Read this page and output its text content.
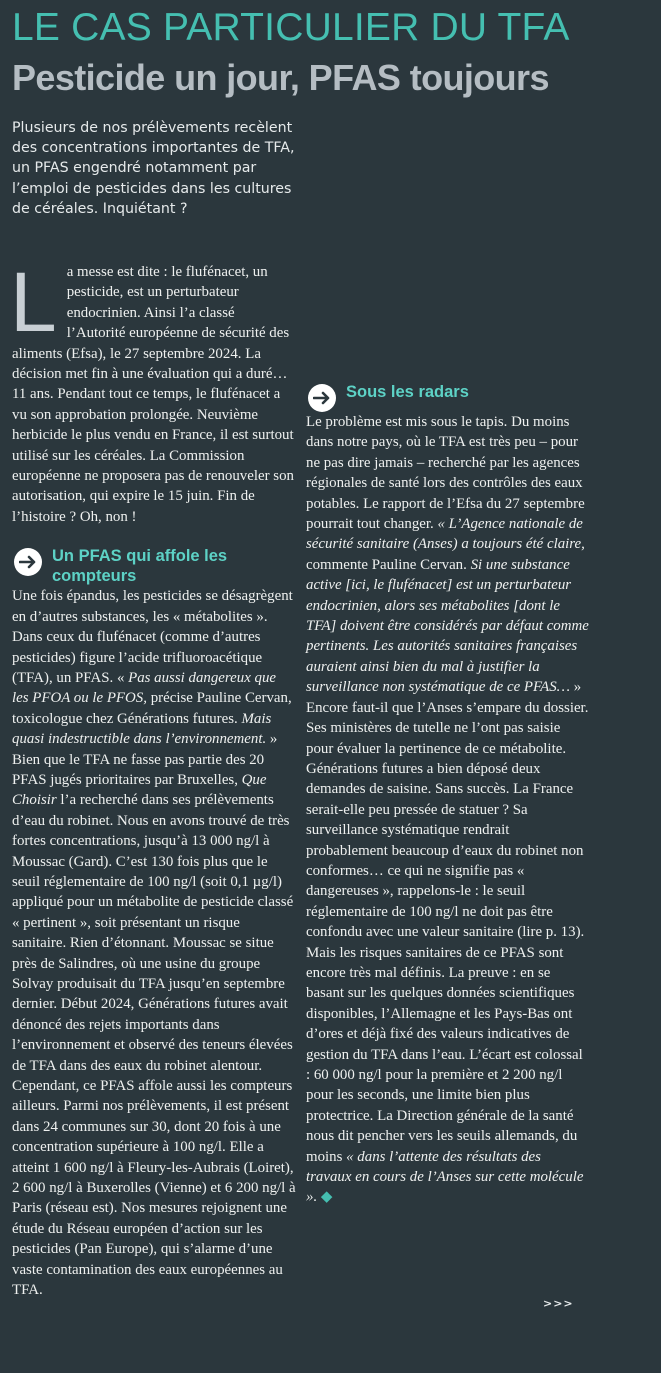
LE CAS PARTICULIER DU TFA
Pesticide un jour, PFAS toujours

Plusieurs de nos prélèvements recèlent des concentrations importantes de TFA, un PFAS engendré notamment par l’emploi de pesticides dans les cultures de céréales. Inquiétant ?

La messe est dite : le flufénacet, un pesticide, est un perturbateur endocrinien. Ainsi l’a classé l’Autorité européenne de sécurité des aliments (Efsa), le 27 septembre 2024. La décision met fin à une évaluation qui a duré… 11 ans. Pendant tout ce temps, le flufénacet a vu son approbation prolongée. Neuvième herbicide le plus vendu en France, il est surtout utilisé sur les céréales. La Commission européenne ne proposera pas de renouveler son autorisation, qui expire le 15 juin. Fin de l’histoire ? Oh, non !

Un PFAS qui affole les compteurs

Une fois épandus, les pesticides se désagrègent en d’autres substances, les « métabolites ». Dans ceux du flufénacet (comme d’autres pesticides) figure l’acide trifluoroacétique (TFA), un PFAS. « Pas aussi dangereux que les PFOA ou le PFOS, précise Pauline Cervan, toxicologue chez Générations futures. Mais quasi indestructible dans l’environnement. » Bien que le TFA ne fasse pas partie des 20 PFAS jugés prioritaires par Bruxelles, Que Choisir l’a recherché dans ses prélèvements d’eau du robinet. Nous en avons trouvé de très fortes concentrations, jusqu’à 13 000 ng/l à Moussac (Gard). C’est 130 fois plus que le seuil réglementaire de 100 ng/l (soit 0,1 µg/l) appliqué pour un métabolite de pesticide classé « pertinent », soit présentant un risque sanitaire. Rien d’étonnant. Moussac se situe près de Salindres, où une usine du groupe Solvay produisait du TFA jusqu’en septembre dernier. Début 2024, Générations futures avait dénoncé des rejets importants dans l’environnement et observé des teneurs élevées de TFA dans des eaux du robinet alentour. Cependant, ce PFAS affole aussi les compteurs ailleurs. Parmi nos prélèvements, il est présent dans 24 communes sur 30, dont 20 fois à une concentration supérieure à 100 ng/l. Elle a atteint 1 600 ng/l à Fleury-les-Aubrais (Loiret), 2 600 ng/l à Buxerolles (Vienne) et 6 200 ng/l à Paris (réseau est). Nos mesures rejoignent une étude du Réseau européen d’action sur les pesticides (Pan Europe), qui s’alarme d’une vaste contamination des eaux européennes au TFA.

Sous les radars

Le problème est mis sous le tapis. Du moins dans notre pays, où le TFA est très peu – pour ne pas dire jamais – recherché par les agences régionales de santé lors des contrôles des eaux potables. Le rapport de l’Efsa du 27 septembre pourrait tout changer. « L’Agence nationale de sécurité sanitaire (Anses) a toujours été claire, commente Pauline Cervan. Si une substance active [ici, le flufénacet] est un perturbateur endocrinien, alors ses métabolites [dont le TFA] doivent être considérés par défaut comme pertinents. Les autorités sanitaires françaises auraient ainsi bien du mal à justifier la surveillance non systématique de ce PFAS… » Encore faut-il que l’Anses s’empare du dossier. Ses ministères de tutelle ne l’ont pas saisie pour évaluer la pertinence de ce métabolite. Générations futures a bien déposé deux demandes de saisine. Sans succès. La France serait-elle peu pressée de statuer ? Sa surveillance systématique rendrait probablement beaucoup d’eaux du robinet non conformes… ce qui ne signifie pas « dangereuses », rappelons-le : le seuil réglementaire de 100 ng/l ne doit pas être confondu avec une valeur sanitaire (lire p. 13). Mais les risques sanitaires de ce PFAS sont encore très mal définis. La preuve : en se basant sur les quelques données scientifiques disponibles, l’Allemagne et les Pays-Bas ont d’ores et déjà fixé des valeurs indicatives de gestion du TFA dans l’eau. L’écart est colossal : 60 000 ng/l pour la première et 2 200 ng/l pour les seconds, une limite bien plus protectrice. La Direction générale de la santé nous dit pencher vers les seuils allemands, du moins « dans l’attente des résultats des travaux en cours de l’Anses sur cette molécule ». ◆

>>>
